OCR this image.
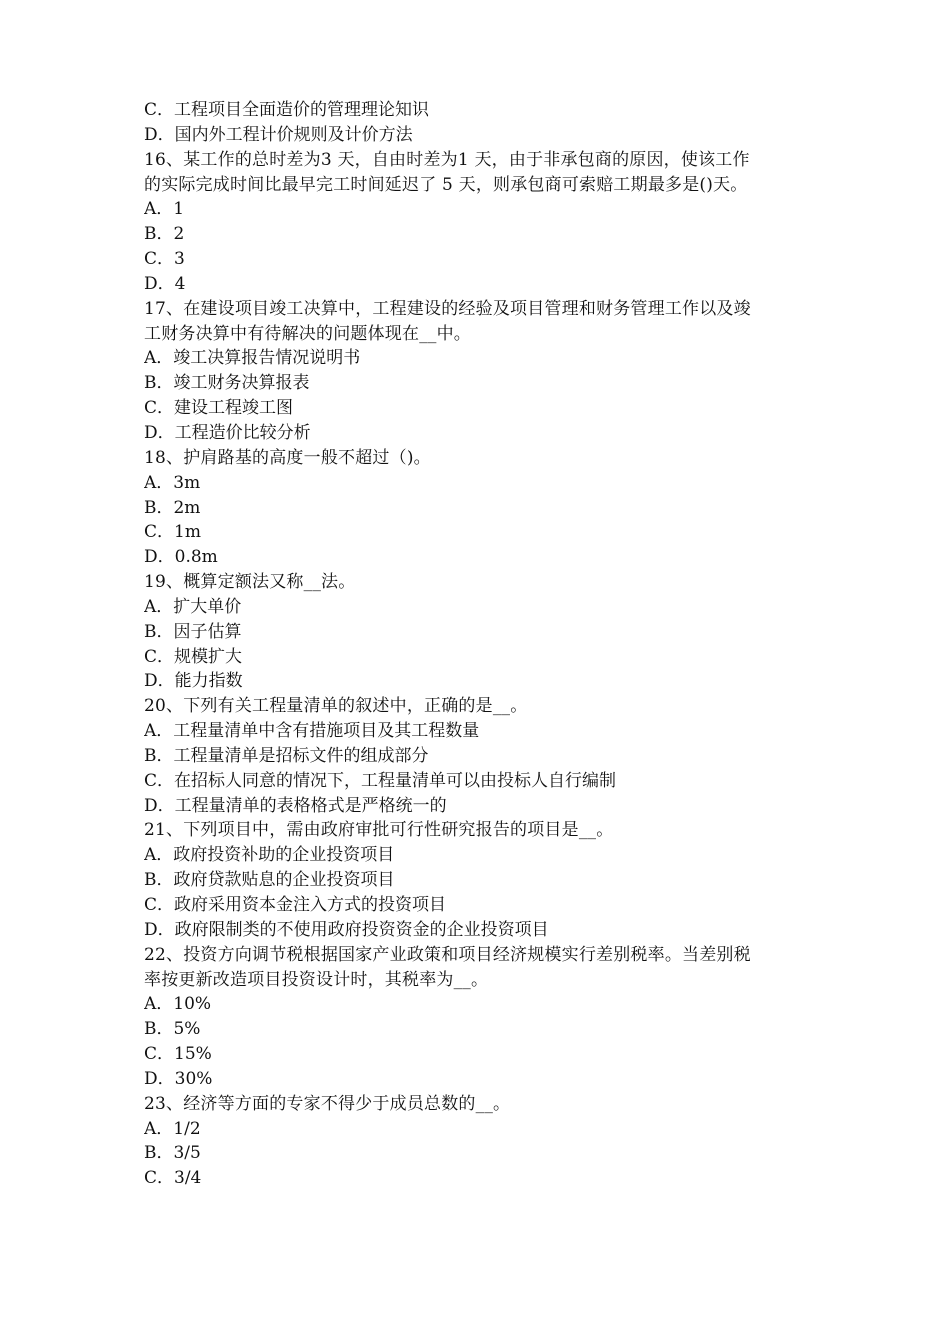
C．工程项目全面造价的管理理论知识
D．国内外工程计价规则及计价方法
16、某工作的总时差为3 天，自由时差为1 天，由于非承包商的原因，使该工作
的实际完成时间比最早完工时间延迟了 5 天，则承包商可索赔工期最多是()天。
A．1
B．2
C．3
D．4
17、在建设项目竣工决算中，工程建设的经验及项目管理和财务管理工作以及竣
工财务决算中有待解决的问题体现在__中。
A．竣工决算报告情况说明书
B．竣工财务决算报表
C．建设工程竣工图
D．工程造价比较分析
18、护肩路基的高度一般不超过（)。
A．3m
B．2m
C．1m
D．0.8m
19、概算定额法又称__法。
A．扩大单价
B．因子估算
C．规模扩大
D．能力指数
20、下列有关工程量清单的叙述中，正确的是__。
A．工程量清单中含有措施项目及其工程数量
B．工程量清单是招标文件的组成部分
C．在招标人同意的情况下，工程量清单可以由投标人自行编制
D．工程量清单的表格格式是严格统一的
21、下列项目中，需由政府审批可行性研究报告的项目是__。
A．政府投资补助的企业投资项目
B．政府贷款贴息的企业投资项目
C．政府采用资本金注入方式的投资项目
D．政府限制类的不使用政府投资资金的企业投资项目
22、投资方向调节税根据国家产业政策和项目经济规模实行差别税率。当差别税
率按更新改造项目投资设计时，其税率为__。
A．10%
B．5%
C．15%
D．30%
23、经济等方面的专家不得少于成员总数的__。
A．1/2
B．3/5
C．3/4
